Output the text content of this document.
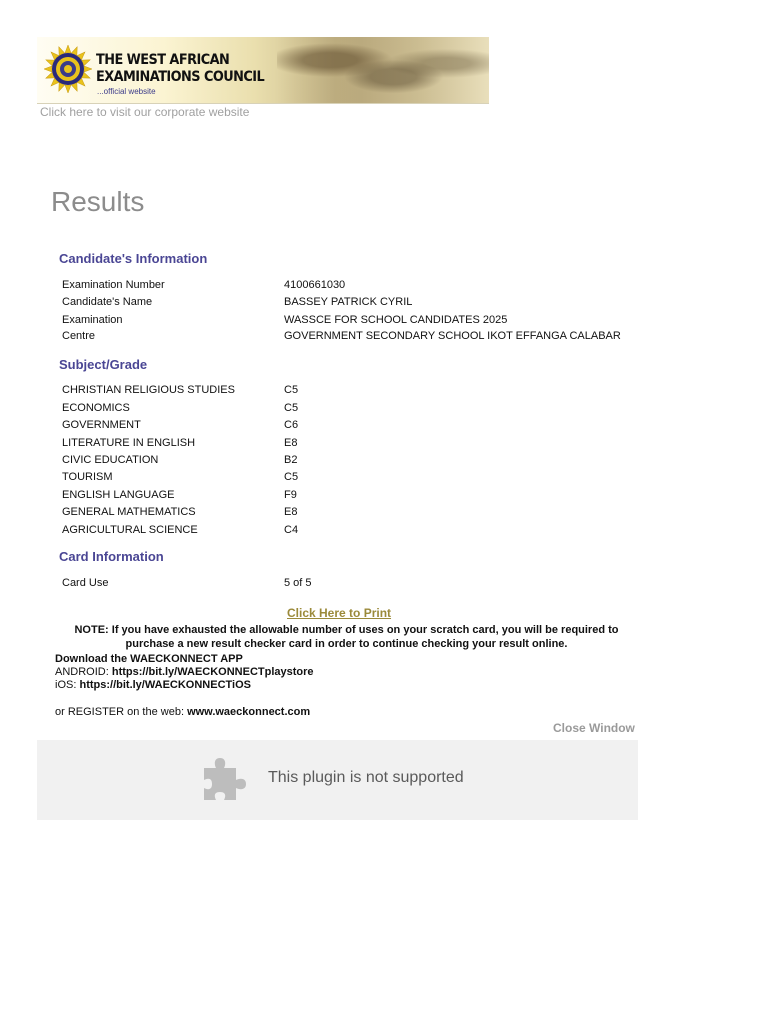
THE WEST AFRICAN
EXAMINATIONS COUNCIL
...official website
Click here to visit our corporate website
Results
Candidate's Information
Examination Number	4100661030
Candidate's Name	BASSEY PATRICK CYRIL
Examination	WASSCE FOR SCHOOL CANDIDATES 2025
Centre	GOVERNMENT SECONDARY SCHOOL IKOT EFFANGA CALABAR
Subject/Grade
CHRISTIAN RELIGIOUS STUDIES	C5
ECONOMICS	C5
GOVERNMENT	C6
LITERATURE IN ENGLISH	E8
CIVIC EDUCATION	B2
TOURISM	C5
ENGLISH LANGUAGE	F9
GENERAL MATHEMATICS	E8
AGRICULTURAL SCIENCE	C4
Card Information
Card Use	5 of 5
Click Here to Print

NOTE: If you have exhausted the allowable number of uses on your scratch card, you will be required to purchase a new result checker card in order to continue checking your result online.

Download the WAECKONNECT APP
ANDROID: https://bit.ly/WAECKONNECTplaystore
iOS: https://bit.ly/WAECKONNECTiOS
or REGISTER on the web: www.waeckonnect.com
Close Window
This plugin is not supported
